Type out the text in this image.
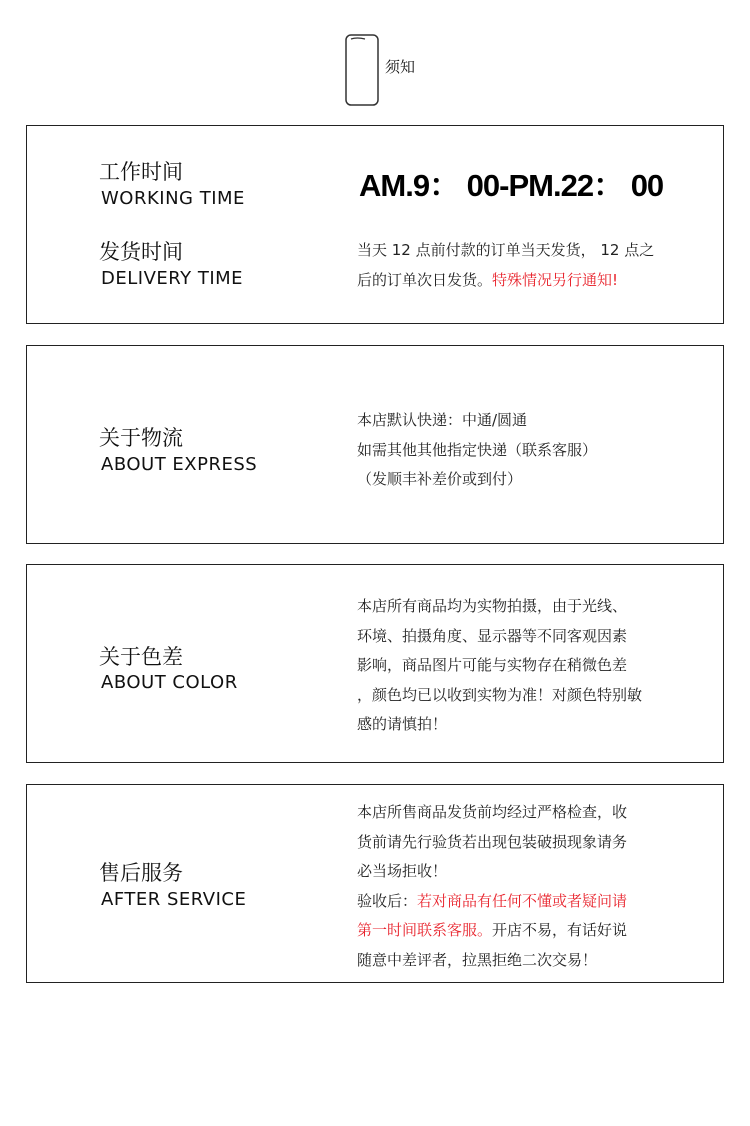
须知
工作时间
WORKING TIME	AM.9： 00-PM.22： 00
发货时间
DELIVERY TIME
当天 12 点前付款的订单当天发货， 12 点之
后的订单次日发货。特殊情况另行通知!
关于物流
ABOUT EXPRESS
本店默认快递：中通/圆通
如需其他其他指定快递（联系客服）
（发顺丰补差价或到付）
关于色差
ABOUT COLOR
本店所有商品均为实物拍摄，由于光线、
环境、拍摄角度、显示器等不同客观因素
影响，商品图片可能与实物存在稍微色差
，颜色均已以收到实物为准！对颜色特别敏
感的请慎拍！
售后服务
AFTER SERVICE
本店所售商品发货前均经过严格检查，收
货前请先行验货若出现包装破损现象请务
必当场拒收！
验收后：若对商品有任何不懂或者疑问请
第一时间联系客服。开店不易，有话好说
随意中差评者，拉黑拒绝二次交易！
